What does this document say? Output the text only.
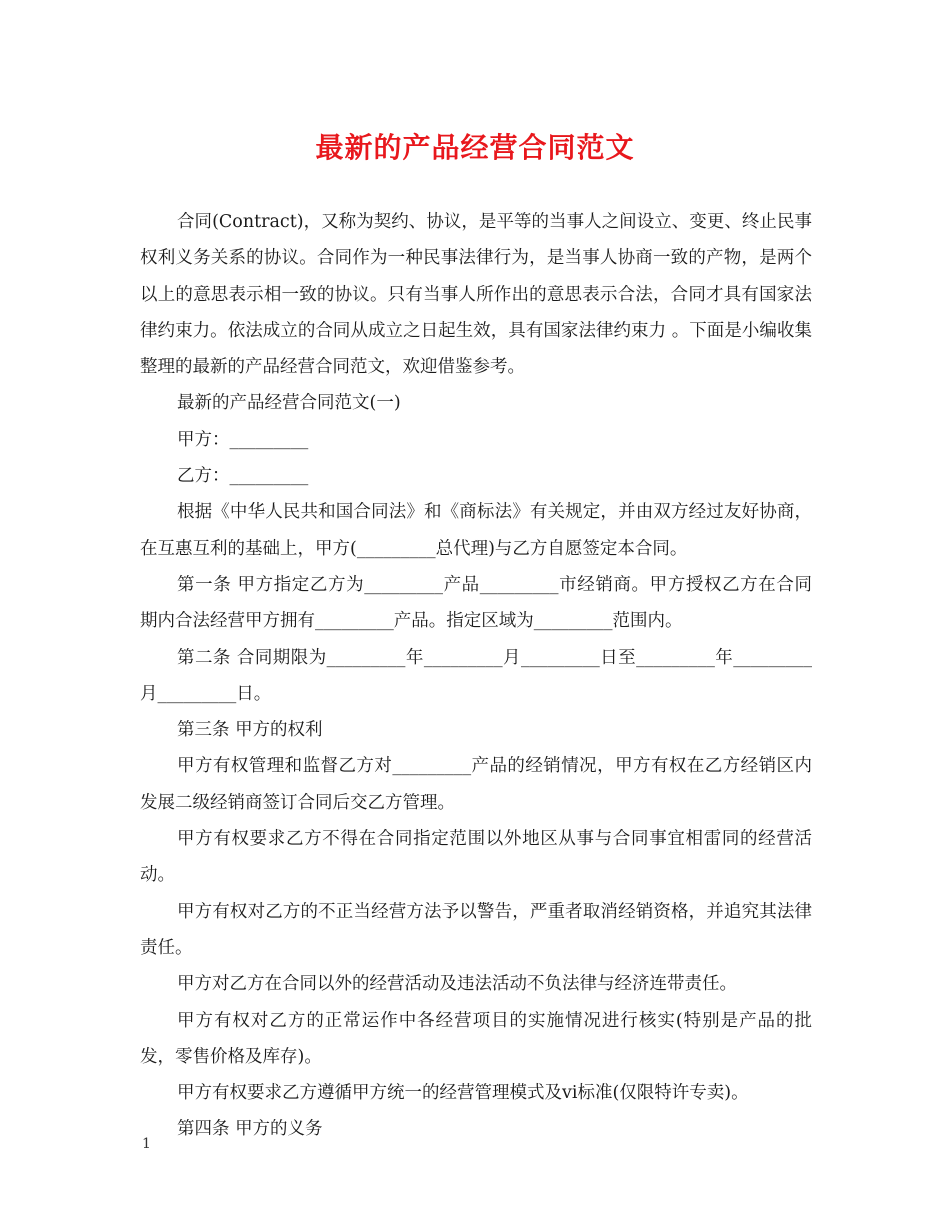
最新的产品经营合同范文

合同(Contract)，又称为契约、协议，是平等的当事人之间设立、变更、终止民事权利义务关系的协议。合同作为一种民事法律行为，是当事人协商一致的产物，是两个以上的意思表示相一致的协议。只有当事人所作出的意思表示合法，合同才具有国家法律约束力。依法成立的合同从成立之日起生效，具有国家法律约束力 。下面是小编收集整理的最新的产品经营合同范文，欢迎借鉴参考。

最新的产品经营合同范文(一)

甲方：_________

乙方：_________

根据《中华人民共和国合同法》和《商标法》有关规定，并由双方经过友好协商，在互惠互利的基础上，甲方(_________总代理)与乙方自愿签定本合同。

第一条 甲方指定乙方为_________产品_________市经销商。甲方授权乙方在合同期内合法经营甲方拥有_________产品。指定区域为_________范围内。

第二条 合同期限为_________年_________月_________日至_________年_________月_________日。

第三条 甲方的权利

甲方有权管理和监督乙方对_________产品的经销情况，甲方有权在乙方经销区内发展二级经销商签订合同后交乙方管理。

甲方有权要求乙方不得在合同指定范围以外地区从事与合同事宜相雷同的经营活动。

甲方有权对乙方的不正当经营方法予以警告，严重者取消经销资格，并追究其法律责任。

甲方对乙方在合同以外的经营活动及违法活动不负法律与经济连带责任。

甲方有权对乙方的正常运作中各经营项目的实施情况进行核实(特别是产品的批发，零售价格及库存)。

甲方有权要求乙方遵循甲方统一的经营管理模式及vi标准(仅限特许专卖)。

第四条 甲方的义务

1
